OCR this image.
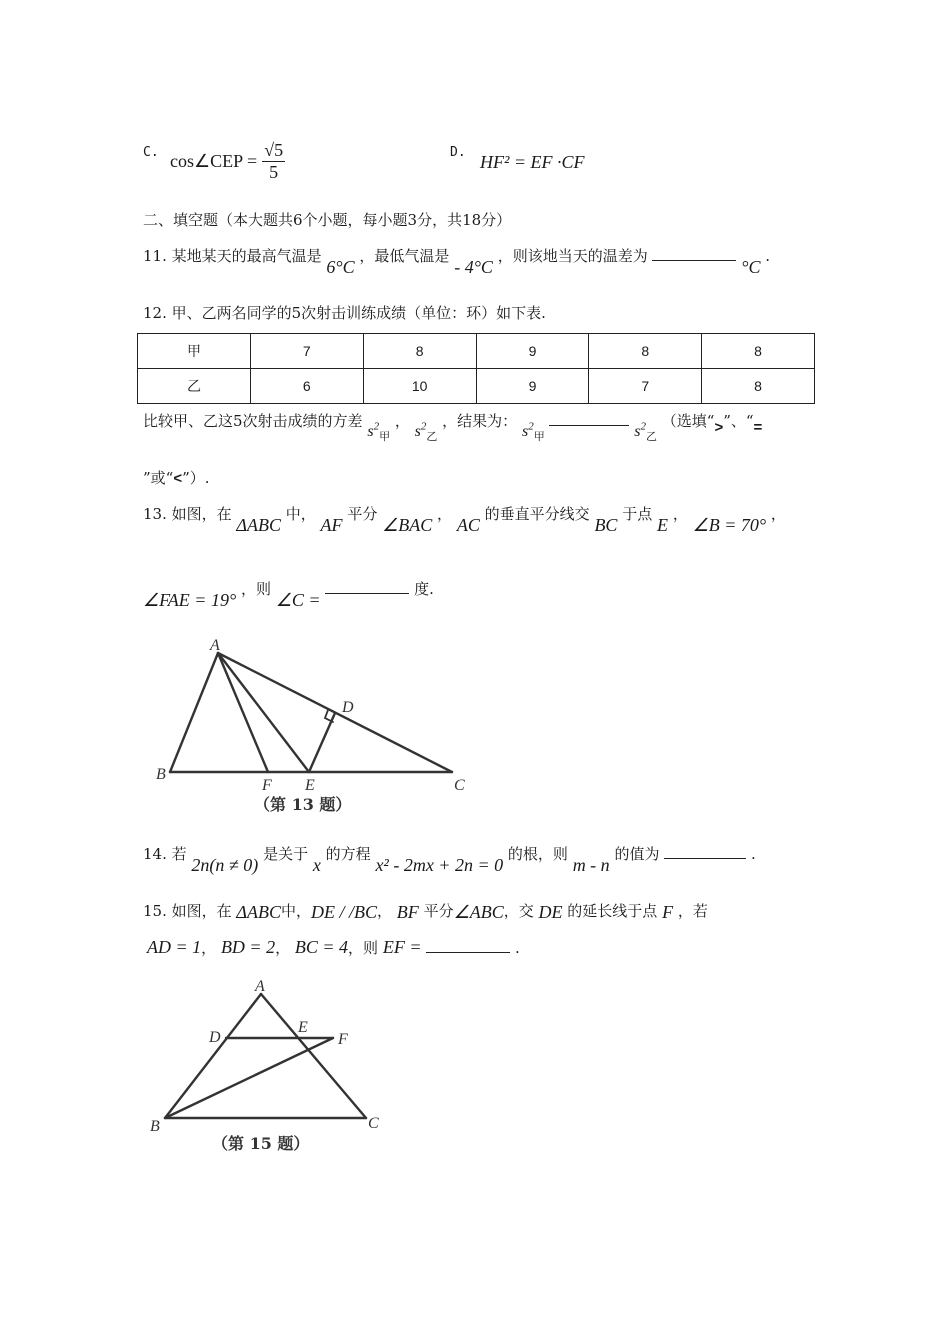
C. cos∠CEP = $\frac{√5}{5}$	D. HF² = EF ·CF
二、填空题（本大题共6个小题，每小题3分，共18分）
11. 某地某天的最高气温是 6°C ，最低气温是 - 4°C ，则该地当天的温差为  °C .
12. 甲、乙两名同学的5次射击训练成绩（单位：环）如下表.
甲	7	8	9	8	8
乙	6	10	9	7	8
比较甲、乙这5次射击成绩的方差 $s^2_甲$ ， $s^2_乙$ ，结果为： $s^2_甲$	$s^2_乙$ （选填“>”、“=
”或“<”）.
13. 如图，在 ΔABC 中， AF 平分 ∠BAC ， AC 的垂直平分线交 BC 于点 E ， ∠B = 70° ，
∠FAE = 19° ，则 ∠C =  度.
A
B
C
D
E
F
（第 13 题）
14. 若 2n(n ≠ 0) 是关于 x 的方程 x² - 2mx + 2n = 0 的根，则 m - n 的值为	.
15. 如图，在 ΔABC中，DE / /BC， BF 平分∠ABC，交 DE 的延长线于点 F ，若
AD = 1， BD = 2， BC = 4，则 EF =	.
A
B	C
D
E
F
（第 15 题）
